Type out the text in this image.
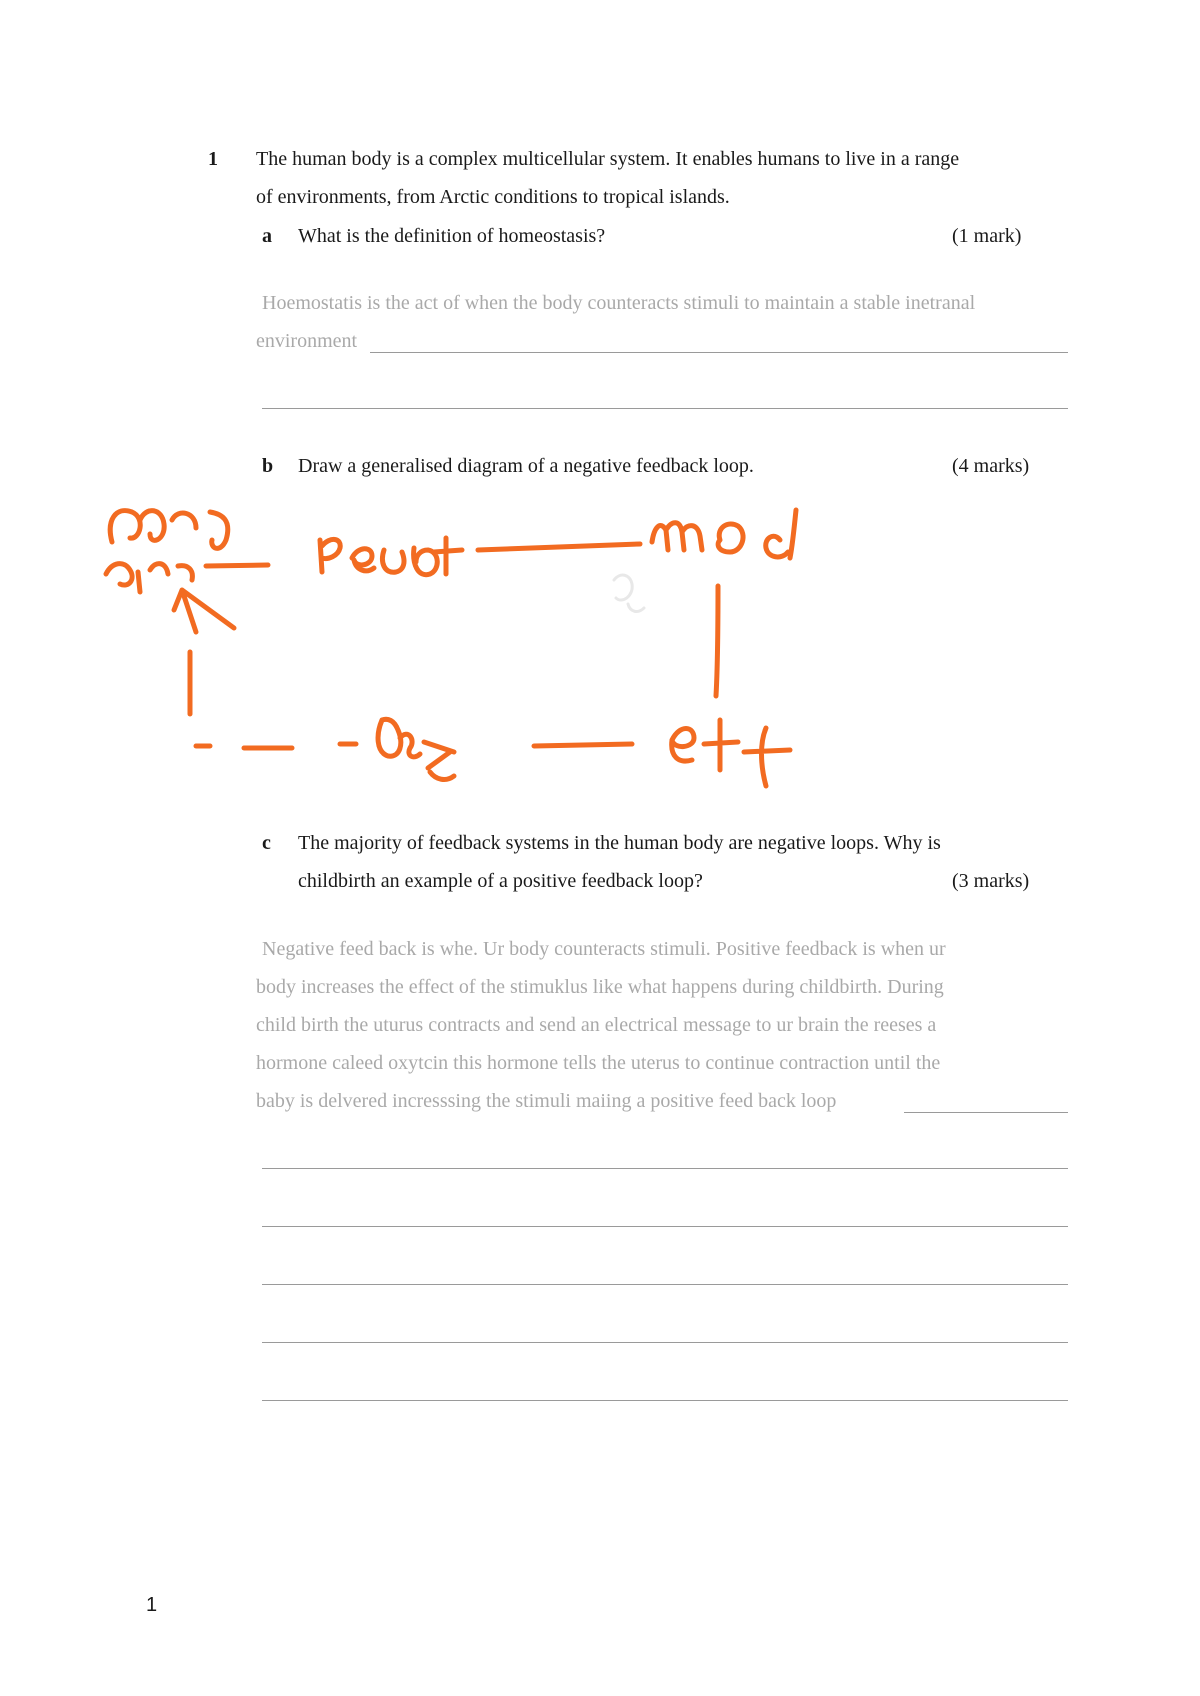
1 The human body is a complex multicellular system. It enables humans to live in a range
of environments, from Arctic conditions to tropical islands.
a What is the definition of homeostasis?	(1 mark)
Hoemostatis is the act of when the body counteracts stimuli to maintain a stable inetranal
environment
b Draw a generalised diagram of a negative feedback loop.	(4 marks)
c The majority of feedback systems in the human body are negative loops. Why is
childbirth an example of a positive feedback loop?	(3 marks)
Negative feed back is whe. Ur body counteracts stimuli. Positive feedback is when ur
body increases the effect of the stimuklus like what happens during childbirth. During
child birth the uturus contracts and send an electrical message to ur brain the reeses a
hormone caleed oxytcin this hormone tells the uterus to continue contraction until the
baby is delvered incresssing the stimuli maiing a positive feed back loop
1
